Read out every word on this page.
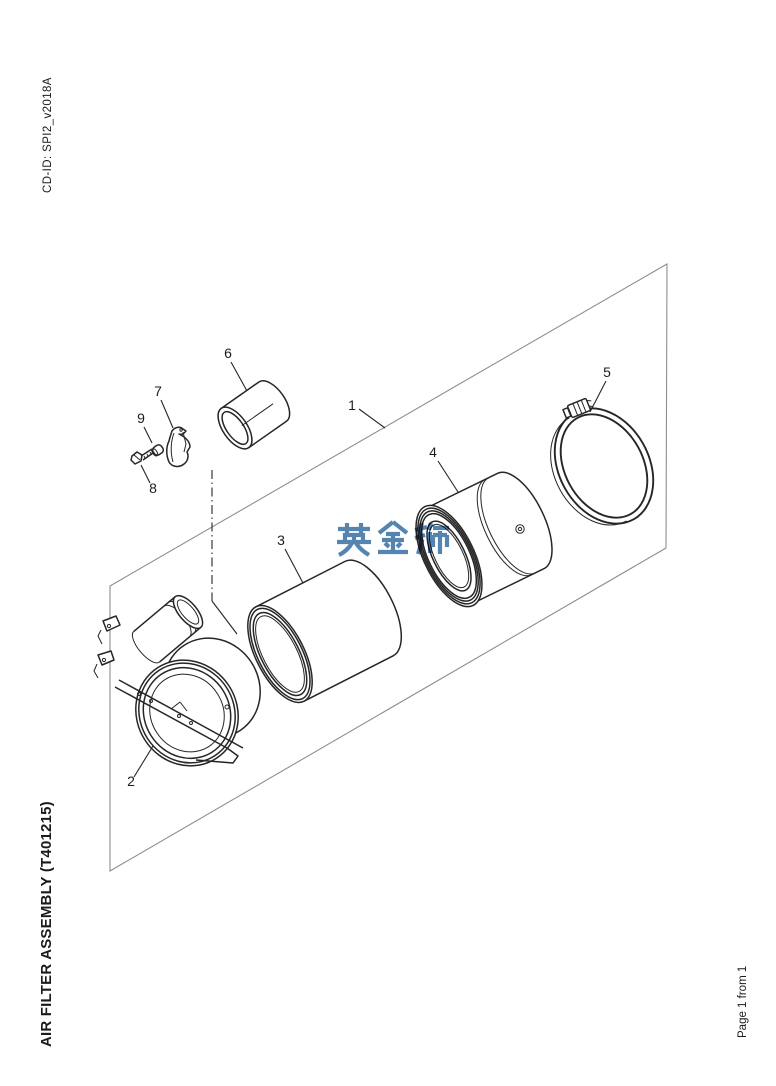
1
2
3
4
5
6
7
8
9
CD-ID: SPI2_v2018A
AIR FILTER ASSEMBLY (T401215)	Page 1 from 1
